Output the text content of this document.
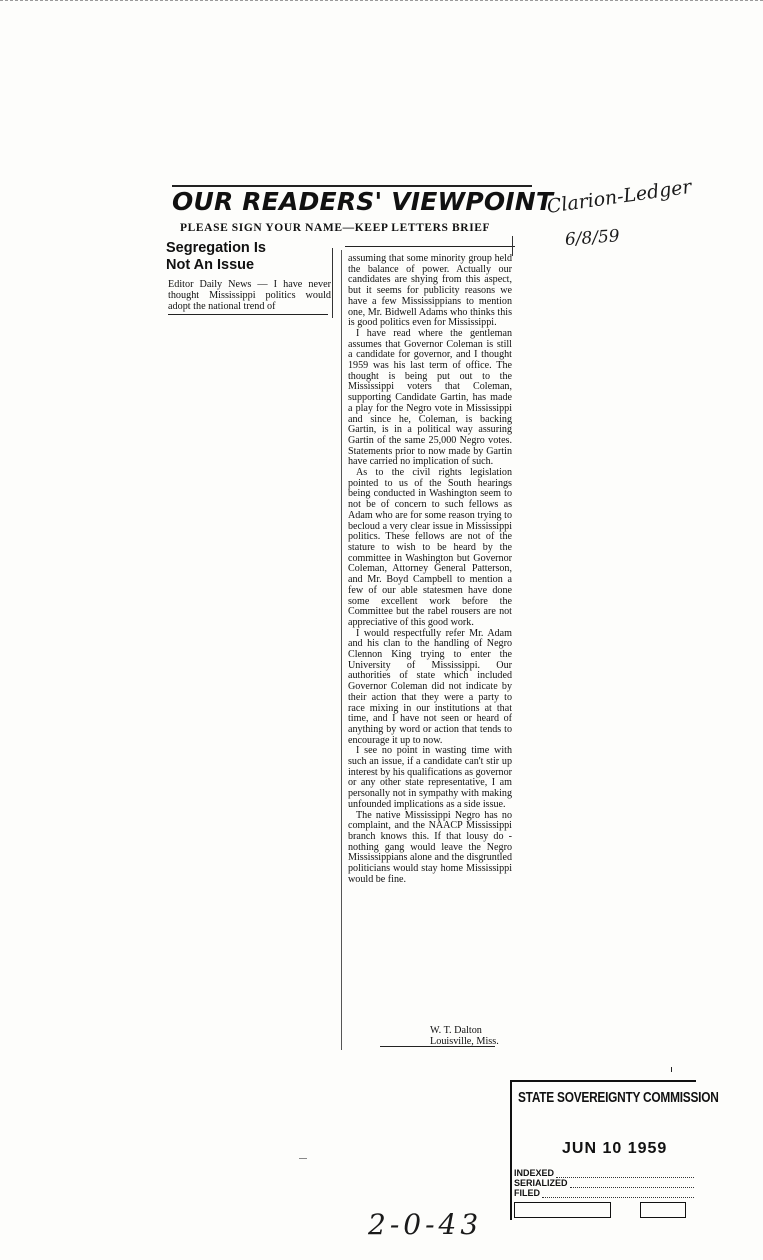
OUR READERS' VIEWPOINT
PLEASE SIGN YOUR NAME—KEEP LETTERS BRIEF
Segregation Is
Not An Issue
Editor Daily News — I have never thought Mississippi politics would adopt the national trend of

assuming that some minority group held the balance of power. Actually our candidates are shying from this aspect, but it seems for publicity reasons we have a few Mississippians to mention one, Mr. Bidwell Adams who thinks this is good politics even for Mississippi.

I have read where the gentleman assumes that Governor Coleman is still a candidate for governor, and I thought 1959 was his last term of office. The thought is being put out to the Mississippi voters that Coleman, supporting Candidate Gartin, has made a play for the Negro vote in Mississippi and since he, Coleman, is backing Gartin, is in a political way assuring Gartin of the same 25,000 Negro votes. Statements prior to now made by Gartin have carried no implication of such.

As to the civil rights legislation pointed to us of the South hearings being conducted in Washington seem to not be of concern to such fellows as Adam who are for some reason trying to becloud a very clear issue in Mississippi politics. These fellows are not of the stature to wish to be heard by the committee in Washington but Governor Coleman, Attorney General Patterson, and Mr. Boyd Campbell to mention a few of our able statesmen have done some excellent work before the Committee but the rabel rousers are not appreciative of this good work.

I would respectfully refer Mr. Adam and his clan to the handling of Negro Clennon King trying to enter the University of Mississippi. Our authorities of state which included Governor Coleman did not indicate by their action that they were a party to race mixing in our institutions at that time, and I have not seen or heard of anything by word or action that tends to encourage it up to now.

I see no point in wasting time with such an issue, if a candidate can't stir up interest by his qualifications as governor or any other state representative, I am personally not in sympathy with making unfounded implications as a side issue.

The native Mississippi Negro has no complaint, and the NAACP Mississippi branch knows this. If that lousy do - nothing gang would leave the Negro Mississippians alone and the disgruntled politicians would stay home Mississippi would be fine.

W. T. Dalton
Louisville, Miss.
Clarion-Ledger
6/8/59
2-0-43
STATE SOVEREIGNTY COMMISSION
JUN 10 1959
INDEXED
SERIALIZED
FILED
